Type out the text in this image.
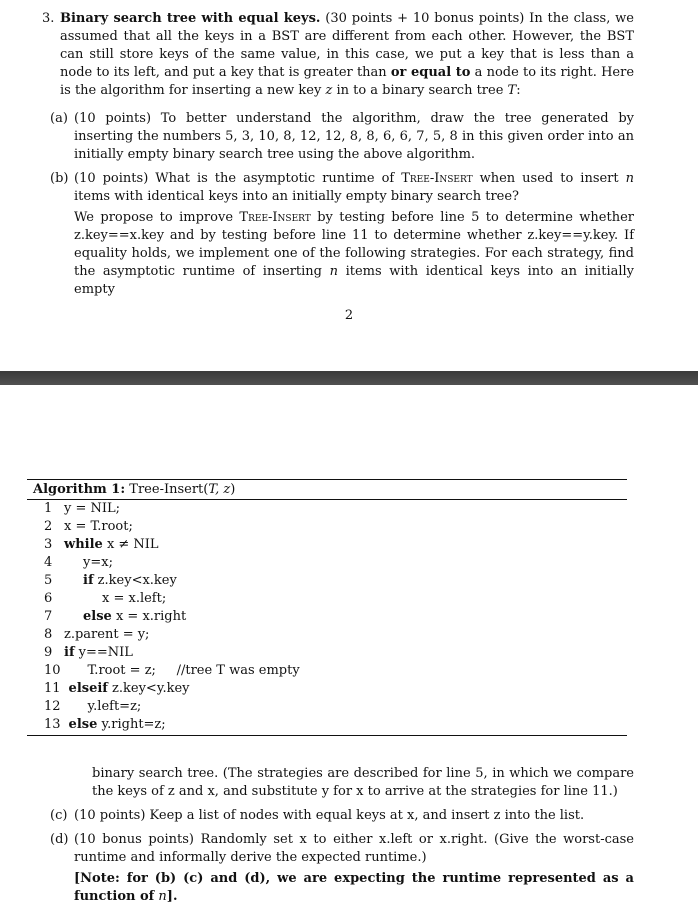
3. Binary search tree with equal keys. (30 points + 10 bonus points) In the class, we assumed that all the keys in a BST are different from each other. However, the BST can still store keys of the same value, in this case, we put a key that is less than a node to its left, and put a key that is greater than or equal to a node to its right. Here is the algorithm for inserting a new key z in to a binary search tree T:
(a) (10 points) To better understand the algorithm, draw the tree generated by inserting the numbers 5, 3, 10, 8, 12, 12, 8, 8, 6, 6, 7, 5, 8 in this given order into an initially empty binary search tree using the above algorithm.
(b) (10 points) What is the asymptotic runtime of Tree-Insert when used to insert n items with identical keys into an initially empty binary search tree?
We propose to improve Tree-Insert by testing before line 5 to determine whether z.key==x.key and by testing before line 11 to determine whether z.key==y.key. If equality holds, we implement one of the following strategies. For each strategy, find the asymptotic runtime of inserting n items with identical keys into an initially empty
2
Algorithm 1: Tree-Insert(T, z)
1 y = NIL;
2 x = T.root;
3 while x ≠ NIL
4 y=x;
5 if z.key<x.key
6	x = x.left;
7 else x = x.right
8 z.parent = y;
9 if y==NIL
10 T.root = z;     //tree T was empty
11 elseif z.key<y.key
12 y.left=z;
13 else y.right=z;
binary search tree. (The strategies are described for line 5, in which we compare the keys of z and x, and substitute y for x to arrive at the strategies for line 11.)
(c) (10 points) Keep a list of nodes with equal keys at x, and insert z into the list.
(d) (10 bonus points) Randomly set x to either x.left or x.right. (Give the worst-case runtime and informally derive the expected runtime.)
[Note: for (b) (c) and (d), we are expecting the runtime represented as a function of n].
